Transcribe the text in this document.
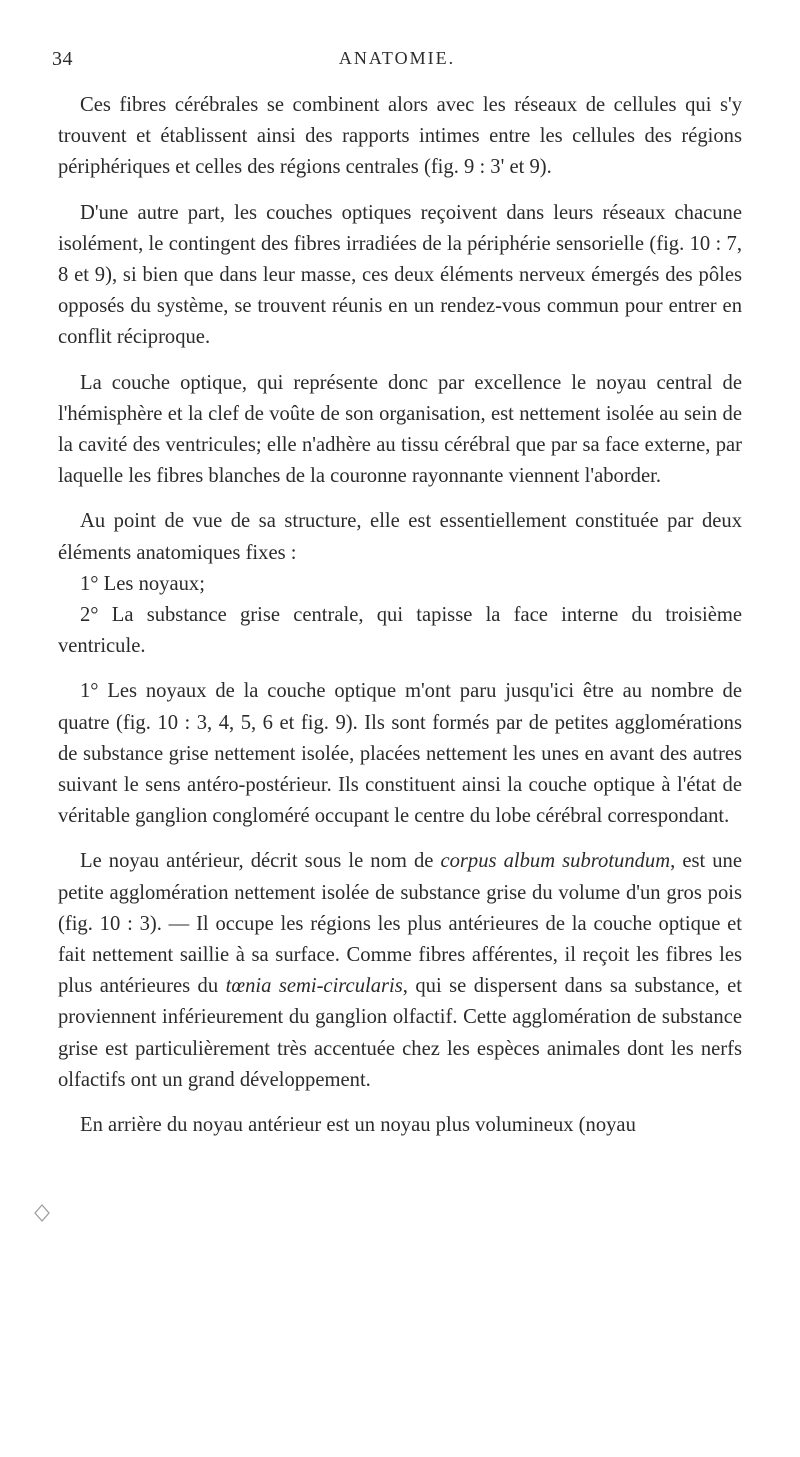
34	ANATOMIE.

Ces fibres cérébrales se combinent alors avec les réseaux de cellules qui s'y trouvent et établissent ainsi des rapports intimes entre les cellules des régions périphériques et celles des régions centrales (fig. 9 : 3' et 9).

D'une autre part, les couches optiques reçoivent dans leurs réseaux chacune isolément, le contingent des fibres irradiées de la périphérie sensorielle (fig. 10 : 7, 8 et 9), si bien que dans leur masse, ces deux éléments nerveux émergés des pôles opposés du système, se trouvent réunis en un rendez-vous commun pour entrer en conflit réciproque.

La couche optique, qui représente donc par excellence le noyau central de l'hémisphère et la clef de voûte de son organisation, est nettement isolée au sein de la cavité des ventricules; elle n'adhère au tissu cérébral que par sa face externe, par laquelle les fibres blanches de la couronne rayonnante viennent l'aborder.

Au point de vue de sa structure, elle est essentiellement constituée par deux éléments anatomiques fixes :

1° Les noyaux;

2° La substance grise centrale, qui tapisse la face interne du troisième ventricule.

1° Les noyaux de la couche optique m'ont paru jusqu'ici être au nombre de quatre (fig. 10 : 3, 4, 5, 6 et fig. 9). Ils sont formés par de petites agglomérations de substance grise nettement isolée, placées nettement les unes en avant des autres suivant le sens antéro-postérieur. Ils constituent ainsi la couche optique à l'état de véritable ganglion congloméré occupant le centre du lobe cérébral correspondant.

Le noyau antérieur, décrit sous le nom de corpus album subrotundum, est une petite agglomération nettement isolée de substance grise du volume d'un gros pois (fig. 10 : 3). — Il occupe les régions les plus antérieures de la couche optique et fait nettement saillie à sa surface. Comme fibres afférentes, il reçoit les fibres les plus antérieures du tœnia semi-circularis, qui se dispersent dans sa substance, et proviennent inférieurement du ganglion olfactif. Cette agglomération de substance grise est particulièrement très accentuée chez les espèces animales dont les nerfs olfactifs ont un grand développement.

En arrière du noyau antérieur est un noyau plus volumineux (noyau
